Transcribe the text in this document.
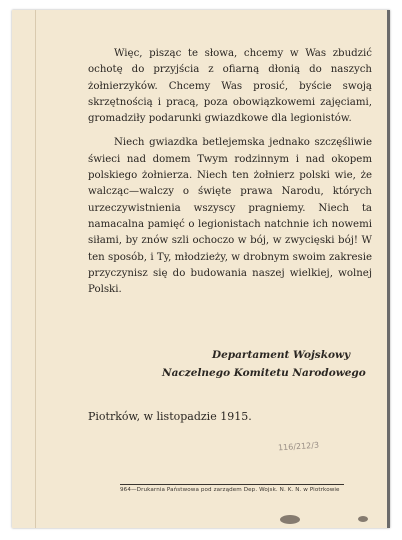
Więc, pisząc te słowa, chcemy w Was zbudzić ochotę do przyjścia z ofiarną dłonią do naszych żołnierzyków. Chcemy Was prosić, byście swoją skrzętnością i pracą, poza obowiązkowemi zajęciami, gromadziły podarunki gwiazdkowe dla legionistów.

Niech gwiazdka betlejemska jednako szczęśliwie świeci nad domem Twym rodzinnym i nad okopem polskiego żołnierza. Niech ten żołnierz polski wie, że walcząc—walczy o święte prawa Narodu, których urzeczywistnienia wszyscy pragniemy. Niech ta namacalna pamięć o legionistach natchnie ich nowemi siłami, by znów szli ochoczo w bój, w zwycięski bój! W ten sposób, i Ty, młodzieży, w drobnym swoim zakresie przyczynisz się do budowania naszej wielkiej, wolnej Polski.

Departament Wojskowy
Naczelnego Komitetu Narodowego
Piotrków, w listopadzie 1915.
116/212/3
964—Drukarnia Państwowa pod zarządem Dep. Wojsk. N. K. N. w Piotrkowie
